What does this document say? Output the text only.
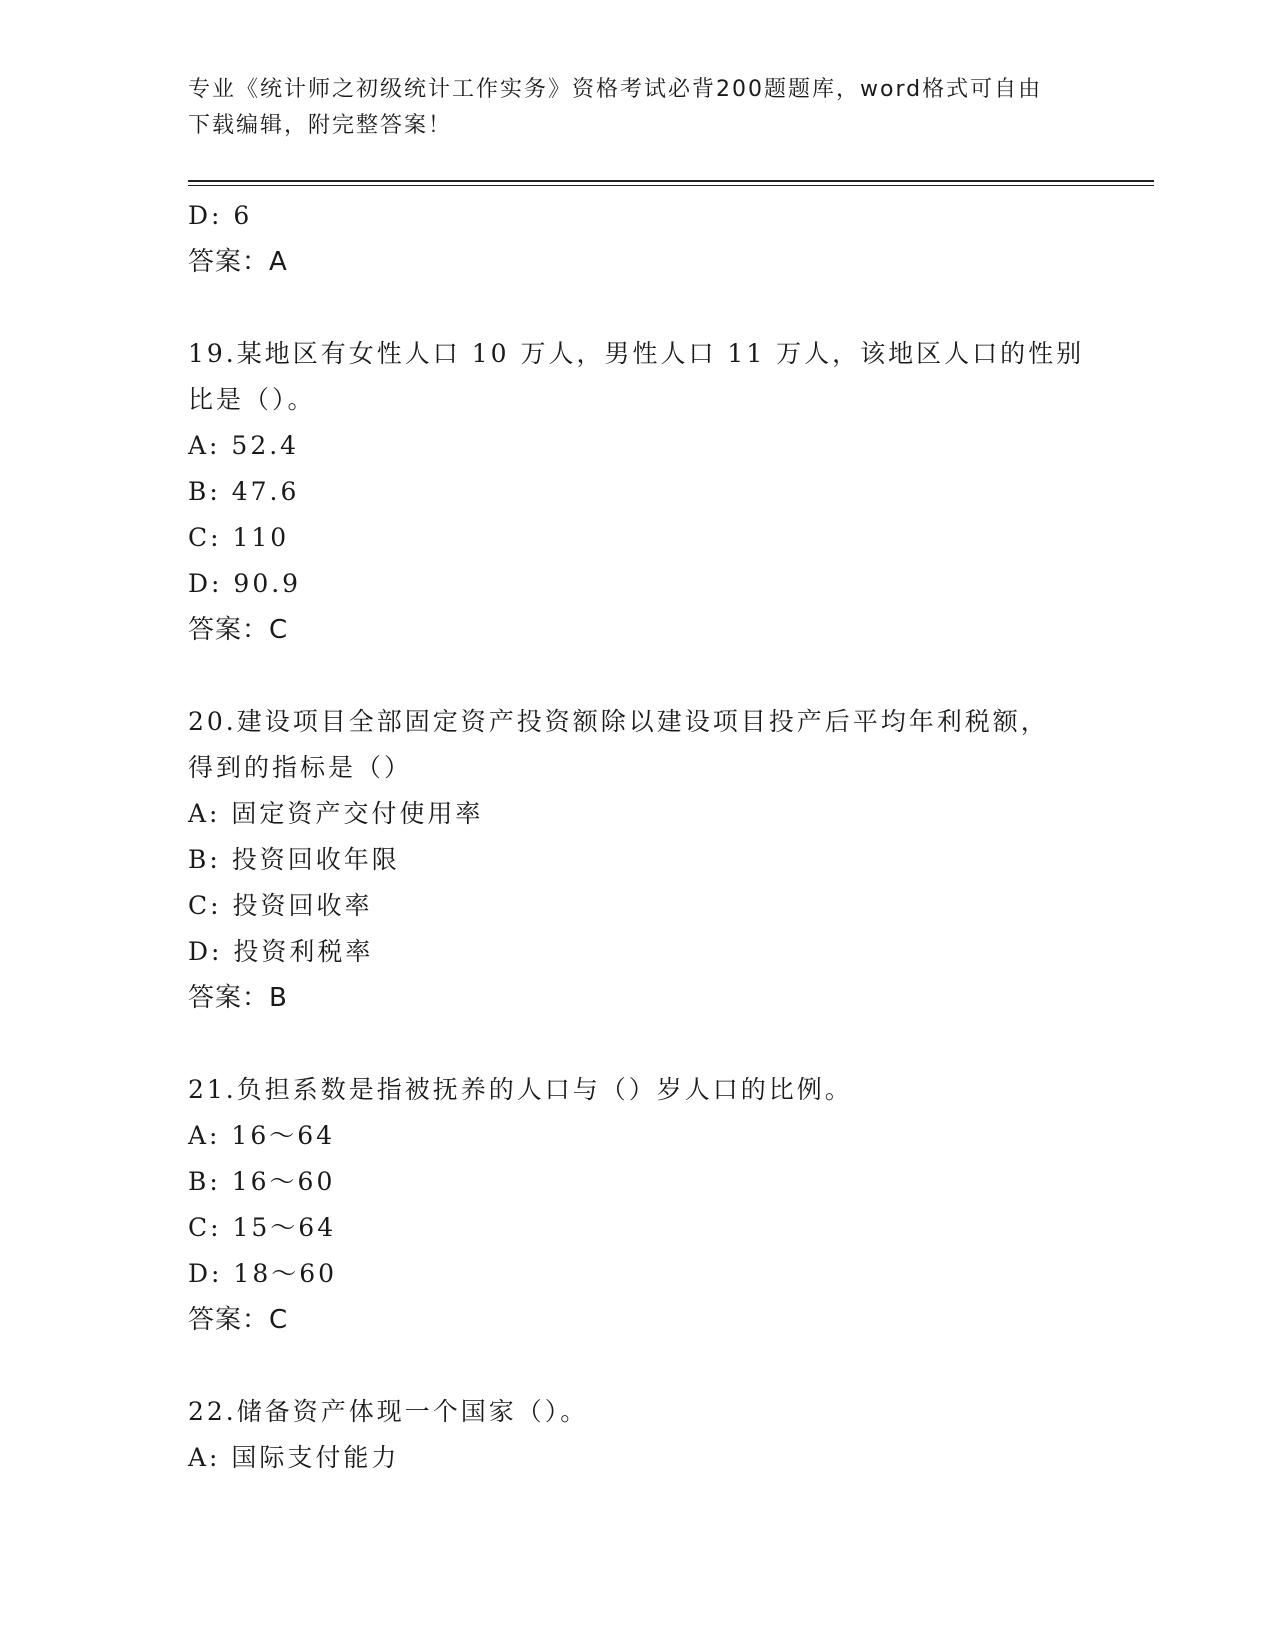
专业《统计师之初级统计工作实务》资格考试必背200题题库，word格式可自由
下载编辑，附完整答案！
D: 6
答案：A
19.某地区有女性人口 10 万人，男性人口 11 万人，该地区人口的性别
比是（）。
A: 52.4
B: 47.6
C: 110
D: 90.9
答案：C
20.建设项目全部固定资产投资额除以建设项目投产后平均年利税额，
得到的指标是（）
A: 固定资产交付使用率
B: 投资回收年限
C: 投资回收率
D: 投资利税率
答案：B
21.负担系数是指被抚养的人口与（）岁人口的比例。
A: 16～64
B: 16～60
C: 15～64
D: 18～60
答案：C
22.储备资产体现一个国家（）。
A: 国际支付能力
